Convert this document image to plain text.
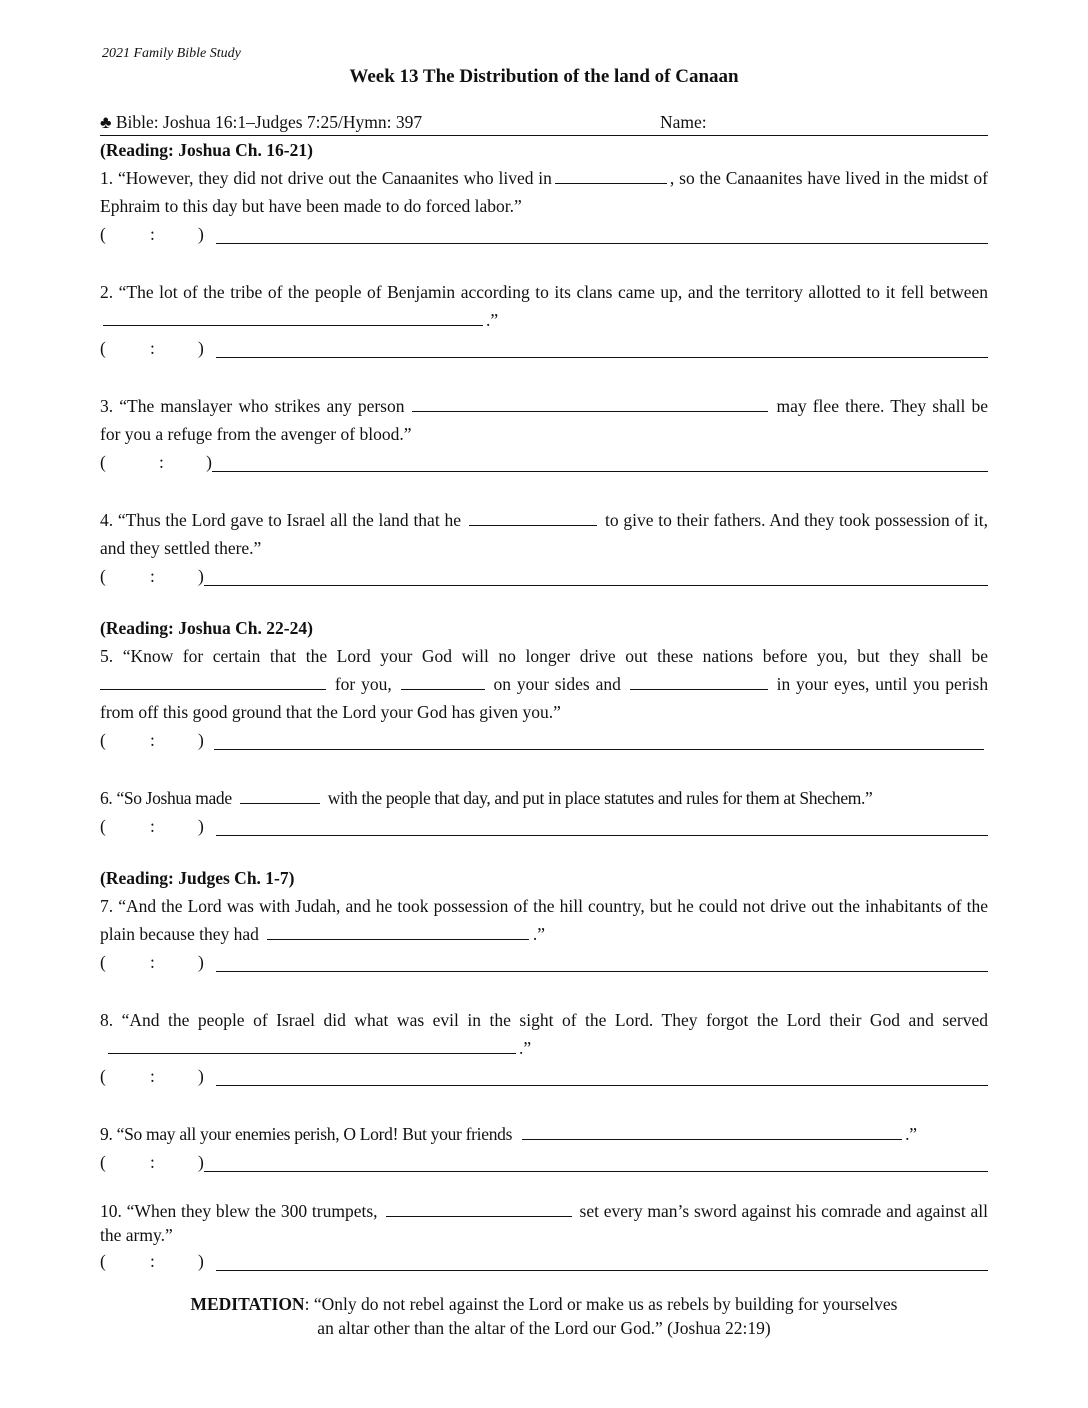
2021 Family Bible Study
Week 13 The Distribution of the land of Canaan
♣ Bible: Joshua 16:1–Judges 7:25/Hymn: 397	Name:
(Reading: Joshua Ch. 16-21)

1. “However, they did not drive out the Canaanites who lived in	, so the Canaanites have lived in the midst of Ephraim to this day but have been made to do forced labor.”

(	:	)

2. “The lot of the tribe of the people of Benjamin according to its clans came up, and the territory allotted to it fell between.”

(	:	)

3. “The manslayer who strikes any person	may flee there. They shall be for you a refuge from the avenger of blood.”

(	:	)

4. “Thus the Lord gave to Israel all the land that he	to give to their fathers. And they took possession of it, and they settled there.”

(	:	)
(Reading: Joshua Ch. 22-24)

5. “Know for certain that the Lord your God will no longer drive out these nations before you, but they shall be  for you,	on your sides and	in your eyes, until you perish from off this good ground that the Lord your God has given you.”

(	:	)

6. “So Joshua made	with the people that day, and put in place statutes and rules for them at Shechem.”

(	:	)
(Reading: Judges Ch. 1-7)

7. “And the Lord was with Judah, and he took possession of the hill country, but he could not drive out the inhabitants of the plain because they had	.”

(	:	)

8. “And the people of Israel did what was evil in the sight of the Lord. They forgot the Lord their God and served.”

(	:	)

9. “So may all your enemies perish, O Lord! But your friends	.”

(	:	)

10. “When they blew the 300 trumpets,	set every man’s sword against his comrade and against all the army.”

(	:	)
MEDITATION: “Only do not rebel against the Lord or make us as rebels by building for yourselves
an altar other than the altar of the Lord our God.” (Joshua 22:19)
